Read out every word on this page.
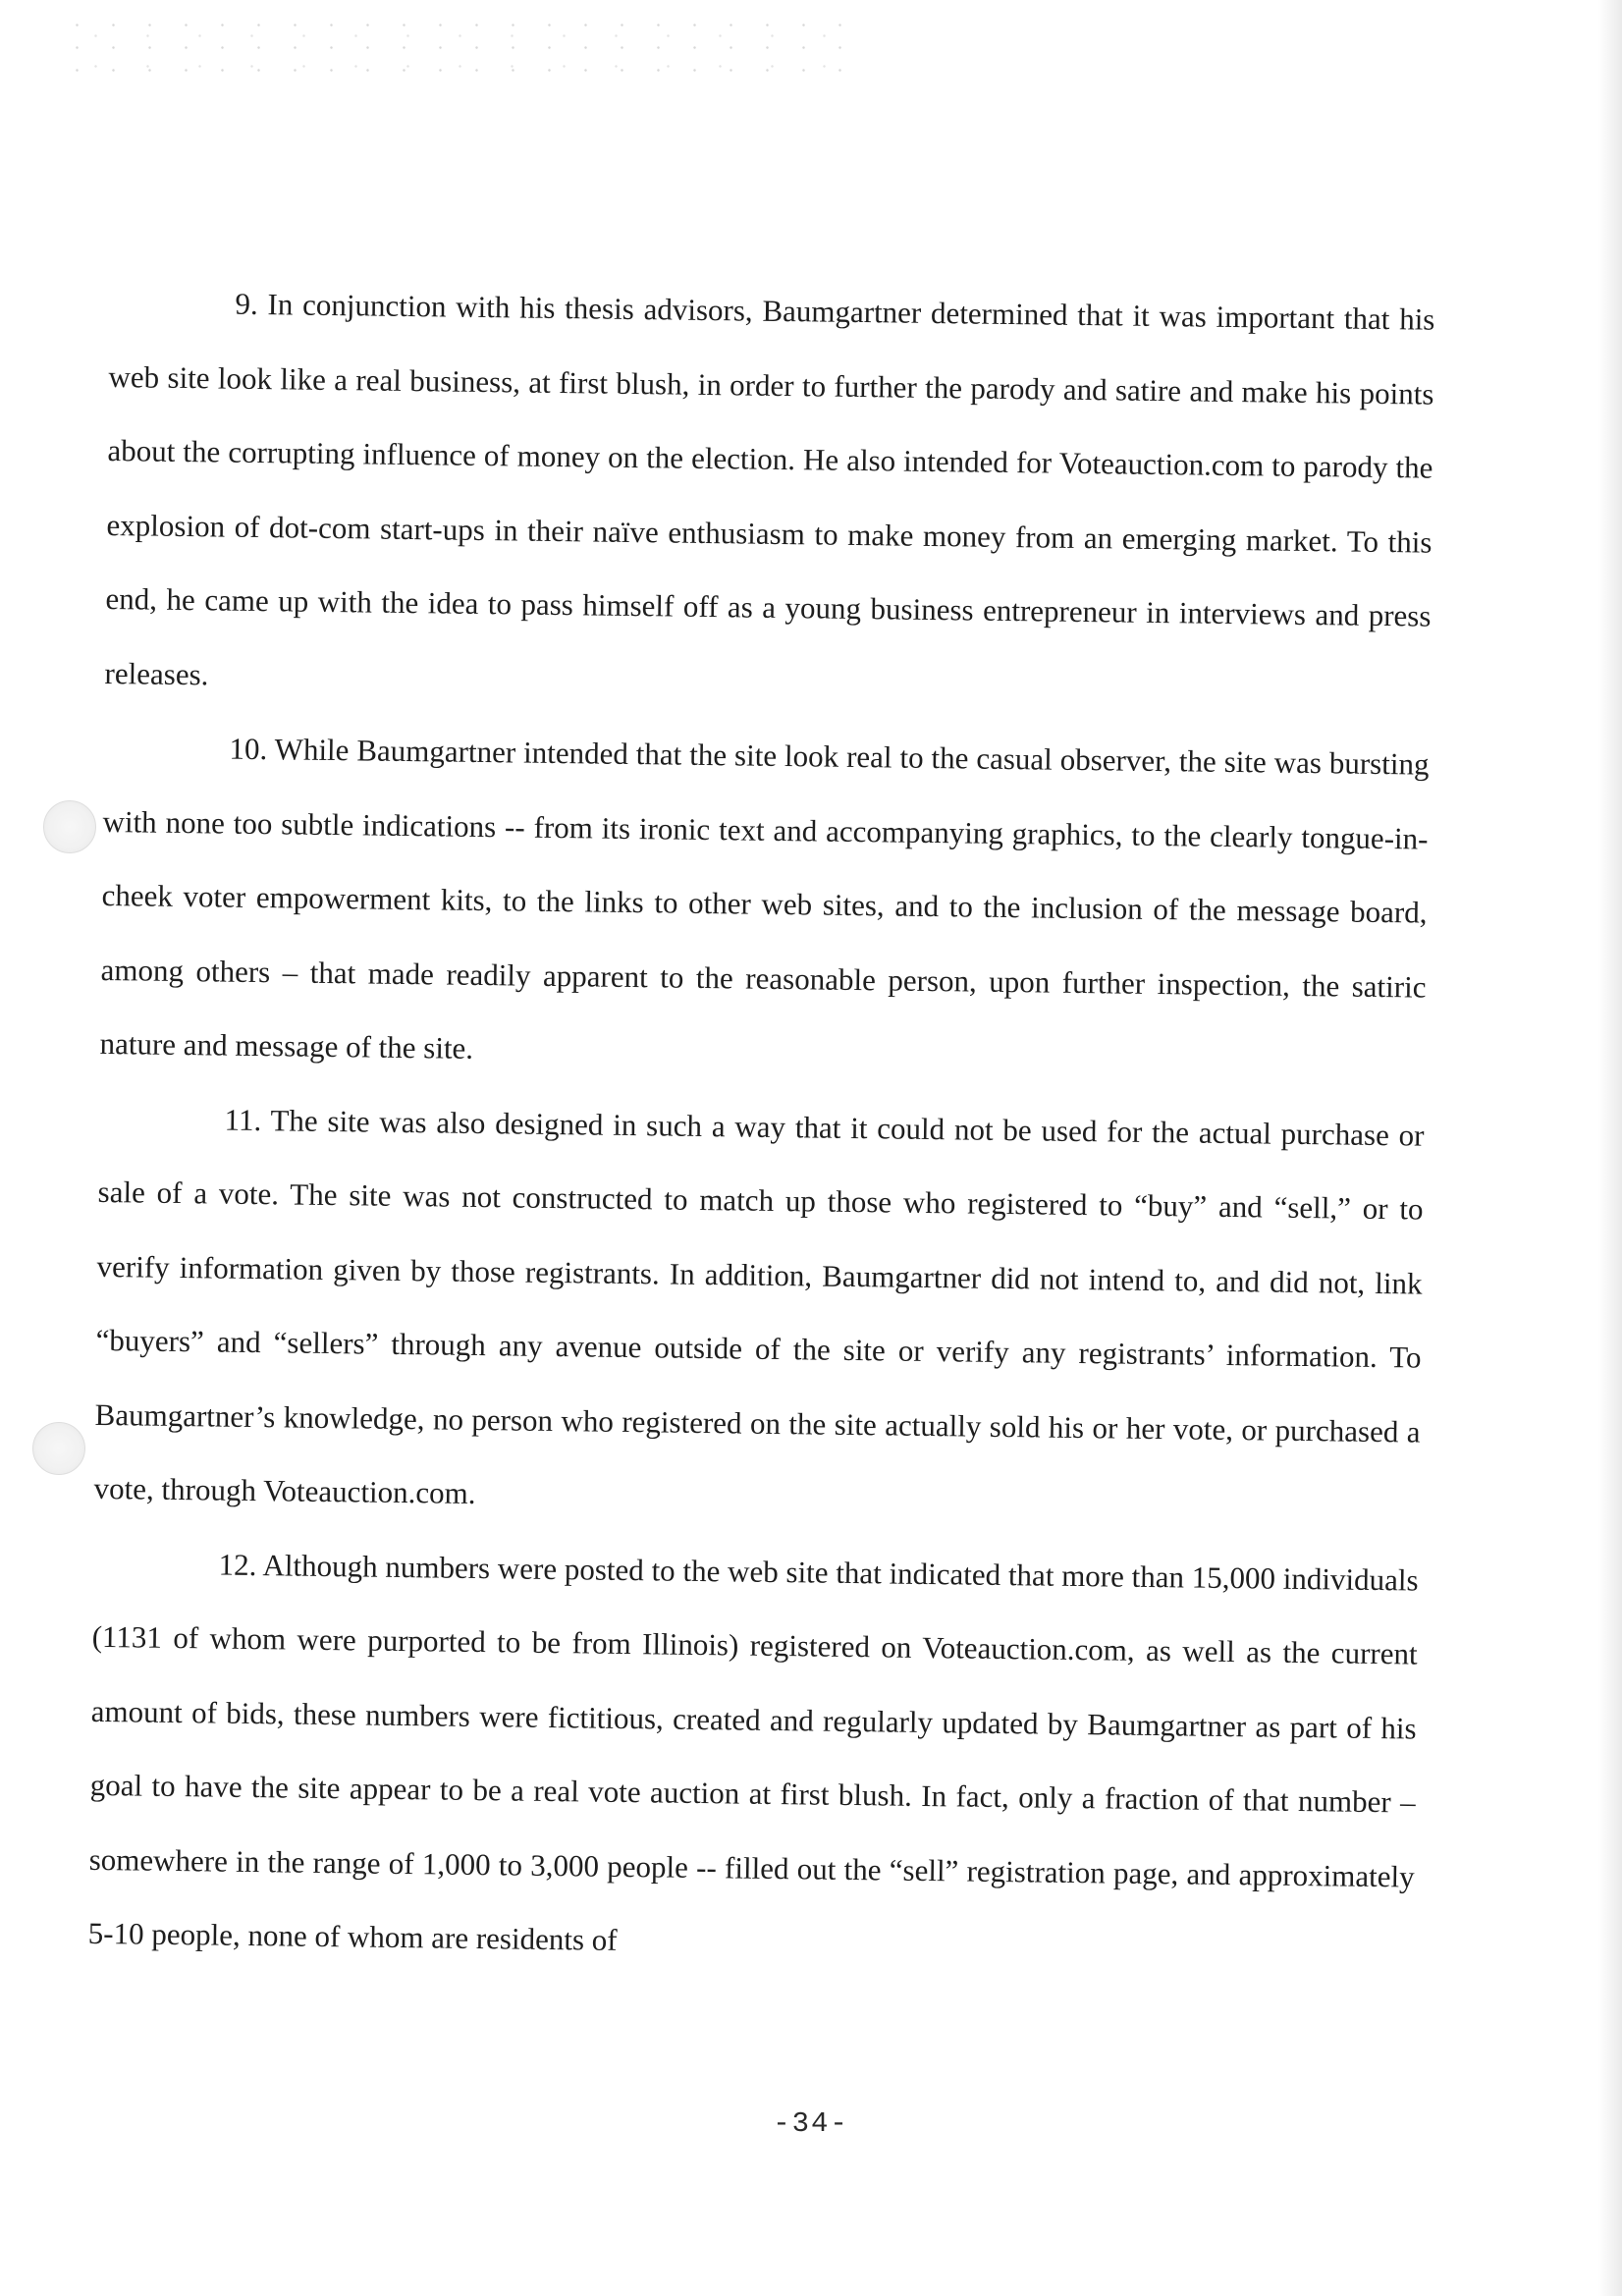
9. In conjunction with his thesis advisors, Baumgartner determined that it was important that his web site look like a real business, at first blush, in order to further the parody and satire and make his points about the corrupting influence of money on the election. He also intended for Voteauction.com to parody the explosion of dot-com start-ups in their naïve enthusiasm to make money from an emerging market. To this end, he came up with the idea to pass himself off as a young business entrepreneur in interviews and press releases.

10. While Baumgartner intended that the site look real to the casual observer, the site was bursting with none too subtle indications -- from its ironic text and accompanying graphics, to the clearly tongue-in-cheek voter empowerment kits, to the links to other web sites, and to the inclusion of the message board, among others – that made readily apparent to the reasonable person, upon further inspection, the satiric nature and message of the site.

11. The site was also designed in such a way that it could not be used for the actual purchase or sale of a vote. The site was not constructed to match up those who registered to “buy” and “sell,” or to verify information given by those registrants. In addition, Baumgartner did not intend to, and did not, link “buyers” and “sellers” through any avenue outside of the site or verify any registrants’ information. To Baumgartner’s knowledge, no person who registered on the site actually sold his or her vote, or purchased a vote, through Voteauction.com.

12. Although numbers were posted to the web site that indicated that more than 15,000 individuals (1131 of whom were purported to be from Illinois) registered on Voteauction.com, as well as the current amount of bids, these numbers were fictitious, created and regularly updated by Baumgartner as part of his goal to have the site appear to be a real vote auction at first blush. In fact, only a fraction of that number – somewhere in the range of 1,000 to 3,000 people -- filled out the “sell” registration page, and approximately 5-10 people, none of whom are residents of

-34-
